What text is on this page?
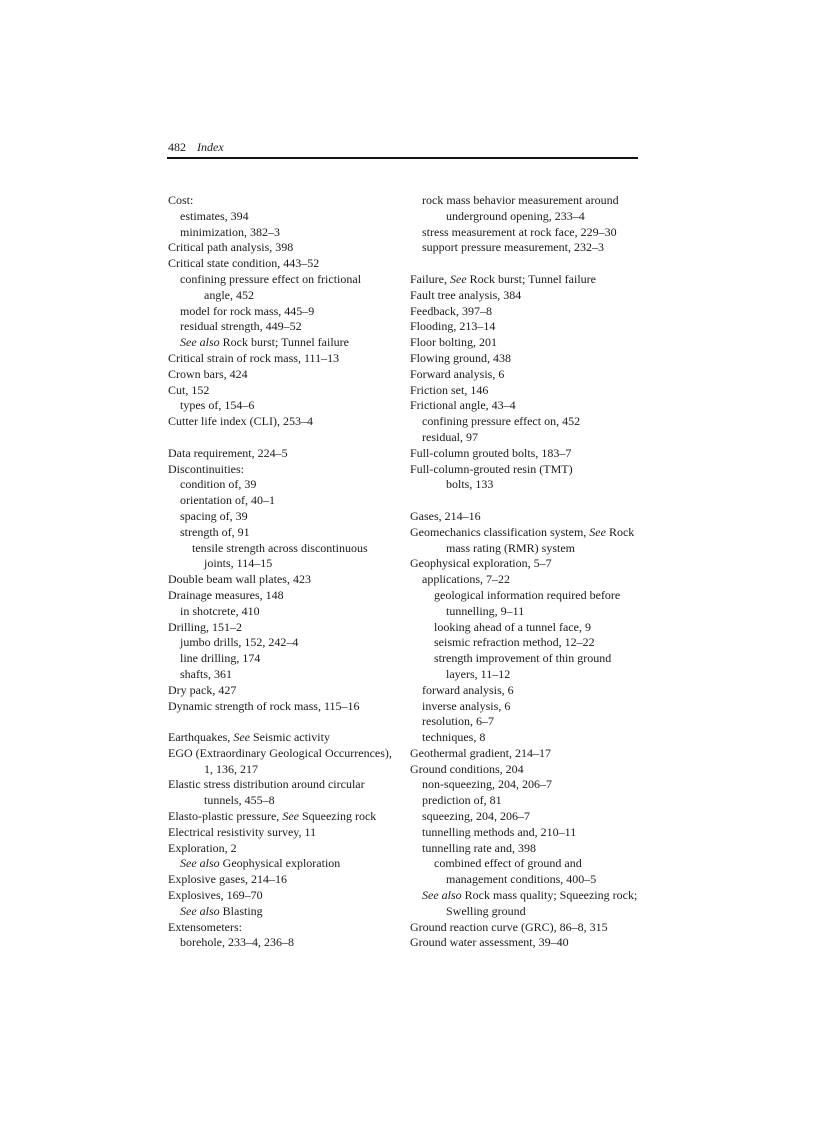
482 Index
Cost:
estimates, 394
minimization, 382–3
Critical path analysis, 398
Critical state condition, 443–52
confining pressure effect on frictional
angle, 452
model for rock mass, 445–9
residual strength, 449–52
See also Rock burst; Tunnel failure
Critical strain of rock mass, 111–13
Crown bars, 424
Cut, 152
types of, 154–6
Cutter life index (CLI), 253–4
Data requirement, 224–5
Discontinuities:
condition of, 39
orientation of, 40–1
spacing of, 39
strength of, 91
tensile strength across discontinuous
joints, 114–15
Double beam wall plates, 423
Drainage measures, 148
in shotcrete, 410
Drilling, 151–2
jumbo drills, 152, 242–4
line drilling, 174
shafts, 361
Dry pack, 427
Dynamic strength of rock mass, 115–16
Earthquakes, See Seismic activity
EGO (Extraordinary Geological Occurrences),
1, 136, 217
Elastic stress distribution around circular
tunnels, 455–8
Elasto-plastic pressure, See Squeezing rock
Electrical resistivity survey, 11
Exploration, 2
See also Geophysical exploration
Explosive gases, 214–16
Explosives, 169–70
See also Blasting
Extensometers:
borehole, 233–4, 236–8
rock mass behavior measurement around
underground opening, 233–4
stress measurement at rock face, 229–30
support pressure measurement, 232–3
Failure, See Rock burst; Tunnel failure
Fault tree analysis, 384
Feedback, 397–8
Flooding, 213–14
Floor bolting, 201
Flowing ground, 438
Forward analysis, 6
Friction set, 146
Frictional angle, 43–4
confining pressure effect on, 452
residual, 97
Full-column grouted bolts, 183–7
Full-column-grouted resin (TMT)
bolts, 133
Gases, 214–16
Geomechanics classification system, See Rock
mass rating (RMR) system
Geophysical exploration, 5–7
applications, 7–22
geological information required before
tunnelling, 9–11
looking ahead of a tunnel face, 9
seismic refraction method, 12–22
strength improvement of thin ground
layers, 11–12
forward analysis, 6
inverse analysis, 6
resolution, 6–7
techniques, 8
Geothermal gradient, 214–17
Ground conditions, 204
non-squeezing, 204, 206–7
prediction of, 81
squeezing, 204, 206–7
tunnelling methods and, 210–11
tunnelling rate and, 398
combined effect of ground and
management conditions, 400–5
See also Rock mass quality; Squeezing rock;
Swelling ground
Ground reaction curve (GRC), 86–8, 315
Ground water assessment, 39–40
